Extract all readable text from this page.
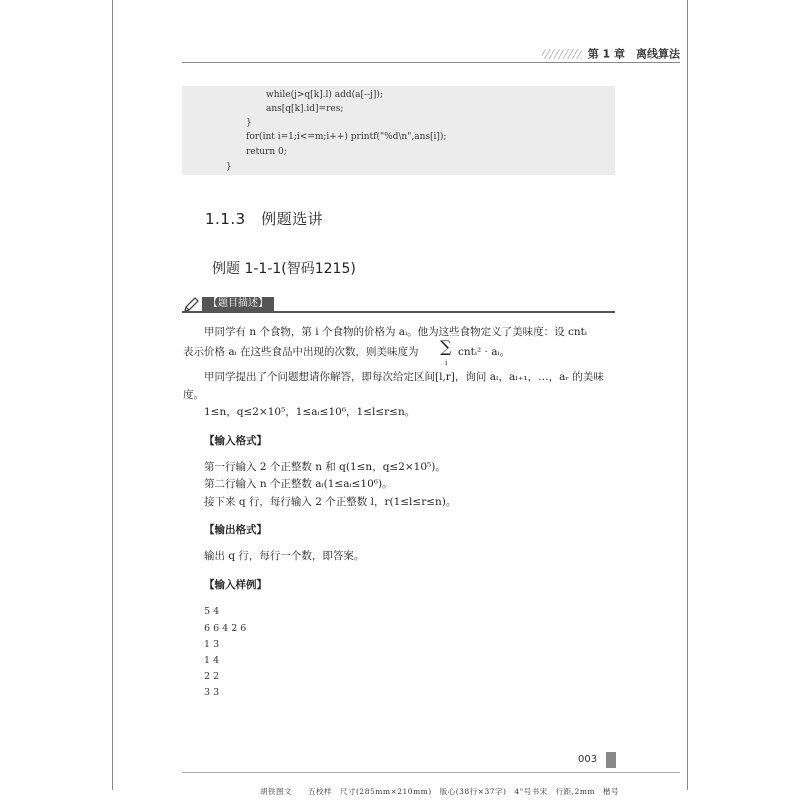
第 1 章　离线算法
while(j>q[k].l) add(a[--j]);
ans[q[k].id]=res;
}
for(int i=1;i<=m;i++) printf("%d\n",ans[i]);
return 0;
}
1.1.3　例题选讲
例题 1-1-1(智码1215)
【题目描述】
甲同学有 n 个食物，第 i 个食物的价格为 aᵢ。他为这些食物定义了美味度：设 cntᵢ
表示价格 aᵢ 在这些食品中出现的次数，则美味度为 ∑
i
cntᵢ² · aᵢ。
甲同学提出了个问题想请你解答，即每次给定区间[l,r]，询问 aₗ，aₗ₊₁，…，aᵣ 的美味
度。
1≤n，q≤2×10⁵，1≤aᵢ≤10⁶，1≤l≤r≤n。
【输入格式】
第一行输入 2 个正整数 n 和 q(1≤n，q≤2×10⁵)。
第二行输入 n 个正整数 aᵢ(1≤aᵢ≤10⁶)。
接下来 q 行，每行输入 2 个正整数 l，r(1≤l≤r≤n)。
【输出格式】
输出 q 行，每行一个数，即答案。
【输入样例】
5 4
6 6 4 2 6
1 3
1 4
2 2
3 3
003
胡铁图文　　五校样　尺寸(285mm×210mm)　版心(38行×37字)　4"号书宋　行距,2mm　楷号
